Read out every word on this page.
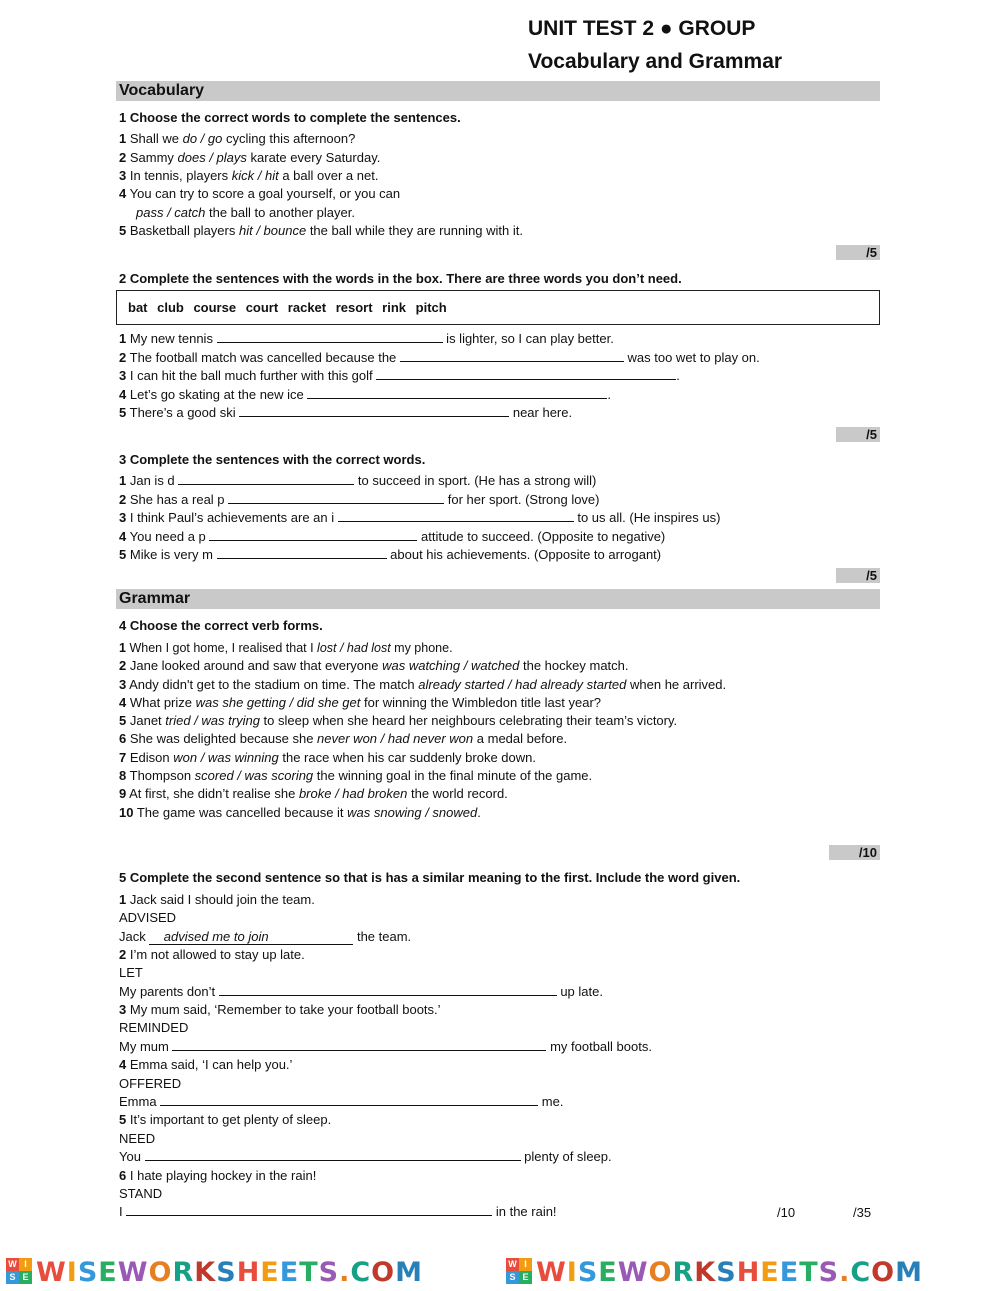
UNIT TEST 2 ● GROUP
Vocabulary and Grammar
Vocabulary
1 Choose the correct words to complete the sentences.
1 Shall we do / go cycling this afternoon?
2 Sammy does / plays karate every Saturday.
3 In tennis, players kick / hit a ball over a net.
4 You can try to score a goal yourself, or you can
pass / catch the ball to another player.
5 Basketball players hit / bounce the ball while they are running with it.
/5
2 Complete the sentences with the words in the box. There are three words you don’t need.
bat club course court racket resort rink pitch
1 My new tennis	is lighter, so I can play better.
2 The football match was cancelled because the	was too wet to play on.
3 I can hit the ball much further with this golf	.
4 Let’s go skating at the new ice	.
5 There’s a good ski	near here.
/5
3 Complete the sentences with the correct words.
1 Jan is d	to succeed in sport. (He has a strong will)
2 She has a real p	for her sport. (Strong love)
3 I think Paul’s achievements are an i	to us all. (He inspires us)
4 You need a p	attitude to succeed. (Opposite to negative)
5 Mike is very m	about his achievements. (Opposite to arrogant)
/5
Grammar
4 Choose the correct verb forms.
1 When I got home, I realised that I lost / had lost my phone.
2 Jane looked around and saw that everyone was watching / watched the hockey match.
3 Andy didn't get to the stadium on time. The match already started / had already started when he arrived.
4 What prize was she getting / did she get for winning the Wimbledon title last year?
5 Janet tried / was trying to sleep when she heard her neighbours celebrating their team’s victory.
6 She was delighted because she never won / had never won a medal before.
7 Edison won / was winning the race when his car suddenly broke down.
8 Thompson scored / was scoring the winning goal in the final minute of the game.
9 At first, she didn’t realise she broke / had broken the world record.
10 The game was cancelled because it was snowing / snowed.
/10
5 Complete the second sentence so that is has a similar meaning to the first. Include the word given.
1 Jack said I should join the team.
ADVISED
Jack     advised me to join	the team.
2 I’m not allowed to stay up late.
LET
My parents don’t	up late.
3 My mum said, ‘Remember to take your football boots.’
REMINDED
My mum	my football boots.
4 Emma said, ‘I can help you.’
OFFERED
Emma	me.
5 It’s important to get plenty of sleep.
NEED
You	plenty of sleep.
6 I hate playing hockey in the rain!
STAND
I	in the rain!	/10	/35
W I
S E WISEWORKSHEETS.COM	W I
S E WISEWORKSHEETS.COM
